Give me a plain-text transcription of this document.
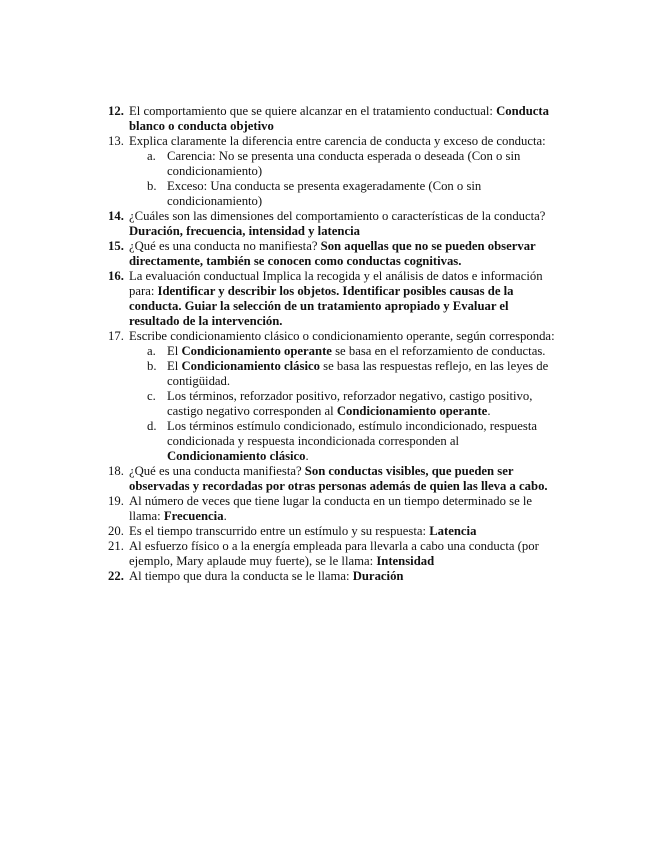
12. El comportamiento que se quiere alcanzar en el tratamiento conductual: Conducta blanco o conducta objetivo

13. Explica claramente la diferencia entre carencia de conducta y exceso de conducta:

a. Carencia: No se presenta una conducta esperada o deseada (Con o sin condicionamiento)

b. Exceso: Una conducta se presenta exageradamente (Con o sin condicionamiento)

14. ¿Cuáles son las dimensiones del comportamiento o características de la conducta? Duración, frecuencia, intensidad y latencia

15. ¿Qué es una conducta no manifiesta? Son aquellas que no se pueden observar directamente, también se conocen como conductas cognitivas.

16. La evaluación conductual Implica la recogida y el análisis de datos e información para: Identificar y describir los objetos. Identificar posibles causas de la conducta. Guiar la selección de un tratamiento apropiado y Evaluar el resultado de la intervención.

17. Escribe condicionamiento clásico o condicionamiento operante, según corresponda:

a. El Condicionamiento operante se basa en el reforzamiento de conductas.

b. El Condicionamiento clásico se basa las respuestas reflejo, en las leyes de contigüidad.

c. Los términos, reforzador positivo, reforzador negativo, castigo positivo, castigo negativo corresponden al Condicionamiento operante.

d. Los términos estímulo condicionado, estímulo incondicionado, respuesta condicionada y respuesta incondicionada corresponden al Condicionamiento clásico.

18. ¿Qué es una conducta manifiesta? Son conductas visibles, que pueden ser observadas y recordadas por otras personas además de quien las lleva a cabo.

19. Al número de veces que tiene lugar la conducta en un tiempo determinado se le llama: Frecuencia.

20. Es el tiempo transcurrido entre un estímulo y su respuesta: Latencia

21. Al esfuerzo físico o a la energía empleada para llevarla a cabo una conducta (por ejemplo, Mary aplaude muy fuerte), se le llama: Intensidad

22. Al tiempo que dura la conducta se le llama: Duración
